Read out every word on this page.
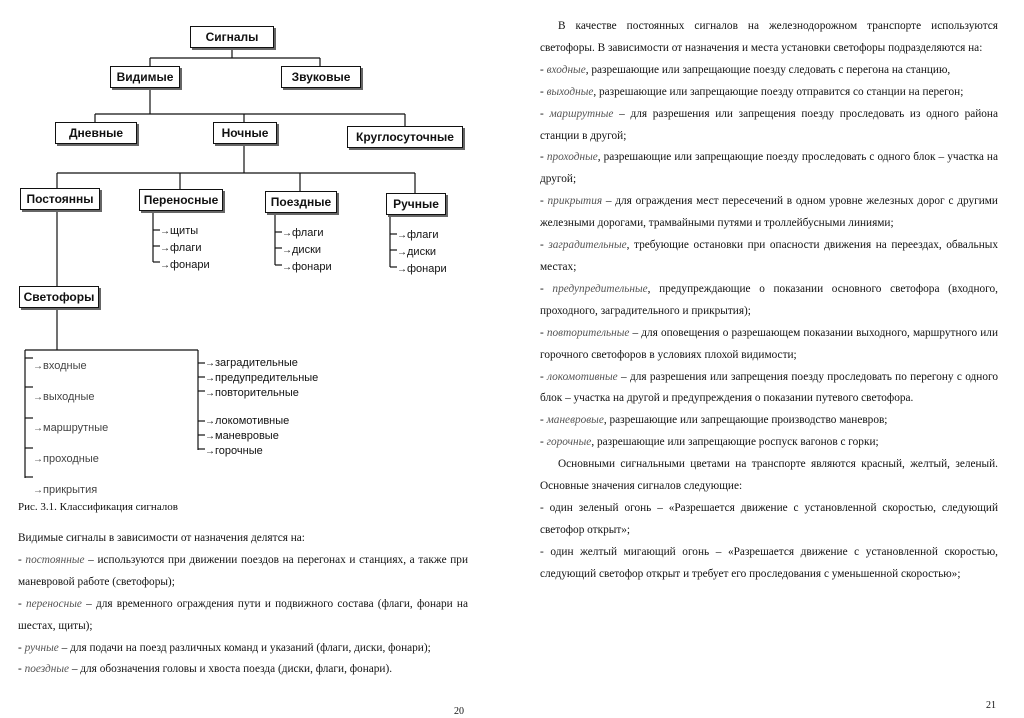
Сигналы
Видимые	Звуковые
Дневные	Ночные	Круглосуточные
Постоянны	Переносные	Поездные	Ручные
Светофоры
→ щиты
→ флаги
→ фонари
→ флаги
→ диски
→ фонари
→ флаги
→ диски
→ фонари
→ входные
→ выходные
→ маршрутные
→ проходные
→ прикрытия
→ заградительные
→ предупредительные
→ повторительные
→ локомотивные
→ маневровые
→ горочные
Рис. 3.1. Классификация сигналов

Видимые сигналы в зависимости от назначения делятся на:

- постоянные – используются при движении поездов на перегонах и станциях, а также при маневровой работе (светофоры);

- переносные – для временного ограждения пути и подвижного состава (флаги, фонари на шестах, щиты);

- ручные – для подачи на поезд различных команд и указаний (флаги, диски, фонари);

- поездные – для обозначения головы и хвоста поезда (диски, флаги, фонари).

20

В качестве постоянных сигналов на железнодорожном транспорте используются светофоры. В зависимости от назначения и места установки светофоры подразделяются на:

- входные, разрешающие или запрещающие поезду следовать с перегона на станцию,

- выходные, разрешающие или запрещающие поезду отправится со станции на перегон;

- маршрутные – для разрешения или запрещения поезду проследовать из одного района станции в другой;

- проходные, разрешающие или запрещающие поезду проследовать с одного блок – участка на другой;

- прикрытия – для ограждения мест пересечений в одном уровне железных дорог с другими железными дорогами, трамвайными путями и троллейбусными линиями;

- заградительные, требующие остановки при опасности движения на переездах, обвальных местах;

- предупредительные, предупреждающие о показании основного светофора (входного, проходного, заградительного и прикрытия);

- повторительные – для оповещения о разрешающем показании выходного, маршрутного или горочного светофоров в условиях плохой видимости;

- локомотивные – для разрешения или запрещения поезду проследовать по перегону с одного блок – участка на другой и предупреждения о показании путевого светофора.

- маневровые, разрешающие или запрещающие производство маневров;

- горочные, разрешающие или запрещающие роспуск вагонов с горки;

Основными сигнальными цветами на транспорте являются красный, желтый, зеленый. Основные значения сигналов следующие:

- один зеленый огонь – «Разрешается движение с установленной скоростью, следующий светофор открыт»;

- один желтый мигающий огонь – «Разрешается движение с установленной скоростью, следующий светофор открыт и требует его проследования с уменьшенной скоростью»;

21
